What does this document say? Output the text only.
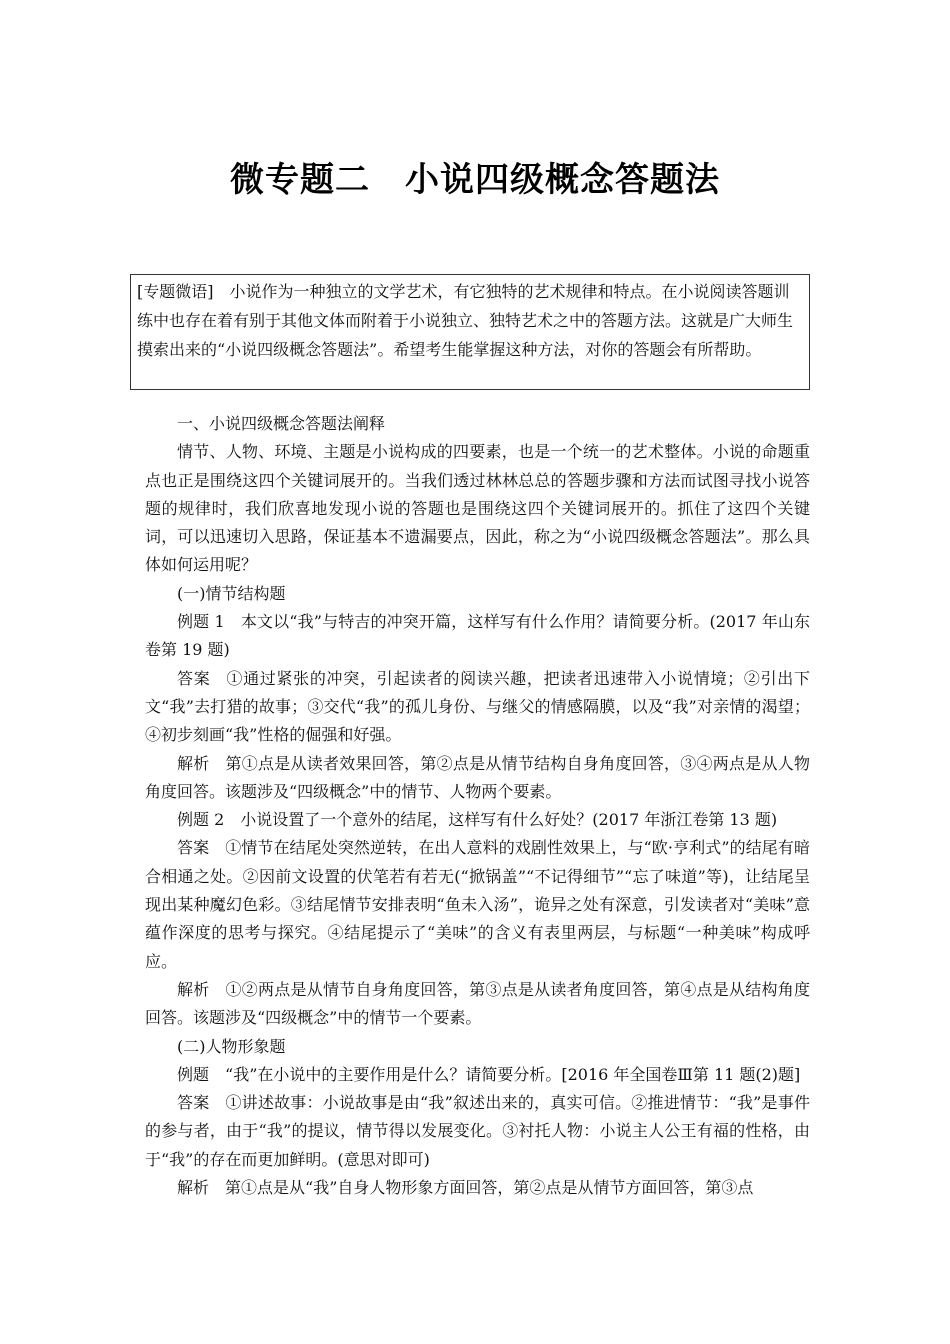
微专题二　小说四级概念答题法
[专题微语] 小说作为一种独立的文学艺术，有它独特的艺术规律和特点。在小说阅读答题训练中也存在着有别于其他文体而附着于小说独立、独特艺术之中的答题方法。这就是广大师生摸索出来的“小说四级概念答题法”。希望考生能掌握这种方法，对你的答题会有所帮助。

一、小说四级概念答题法阐释

情节、人物、环境、主题是小说构成的四要素，也是一个统一的艺术整体。小说的命题重点也正是围绕这四个关键词展开的。当我们透过林林总总的答题步骤和方法而试图寻找小说答题的规律时，我们欣喜地发现小说的答题也是围绕这四个关键词展开的。抓住了这四个关键词，可以迅速切入思路，保证基本不遗漏要点，因此，称之为“小说四级概念答题法”。那么具体如何运用呢？

(一)情节结构题

例题 1 本文以“我”与特吉的冲突开篇，这样写有什么作用？请简要分析。(2017 年山东卷第 19 题)

答案 ①通过紧张的冲突，引起读者的阅读兴趣，把读者迅速带入小说情境；②引出下文“我”去打猎的故事；③交代“我”的孤儿身份、与继父的情感隔膜，以及“我”对亲情的渴望；④初步刻画“我”性格的倔强和好强。

解析 第①点是从读者效果回答，第②点是从情节结构自身角度回答，③④两点是从人物角度回答。该题涉及“四级概念”中的情节、人物两个要素。

例题 2 小说设置了一个意外的结尾，这样写有什么好处？(2017 年浙江卷第 13 题)

答案 ①情节在结尾处突然逆转，在出人意料的戏剧性效果上，与“欧·亨利式”的结尾有暗合相通之处。②因前文设置的伏笔若有若无(“掀锅盖”“不记得细节”“忘了味道”等)，让结尾呈现出某种魔幻色彩。③结尾情节安排表明“鱼未入汤”，诡异之处有深意，引发读者对“美味”意蕴作深度的思考与探究。④结尾提示了“美味”的含义有表里两层，与标题“一种美味”构成呼应。

解析 ①②两点是从情节自身角度回答，第③点是从读者角度回答，第④点是从结构角度回答。该题涉及“四级概念”中的情节一个要素。

(二)人物形象题

例题 “我”在小说中的主要作用是什么？请简要分析。[2016 年全国卷Ⅲ第 11 题(2)题]

答案 ①讲述故事：小说故事是由“我”叙述出来的，真实可信。②推进情节：“我”是事件的参与者，由于“我”的提议，情节得以发展变化。③衬托人物：小说主人公王有福的性格，由于“我”的存在而更加鲜明。(意思对即可)

解析 第①点是从“我”自身人物形象方面回答，第②点是从情节方面回答，第③点
